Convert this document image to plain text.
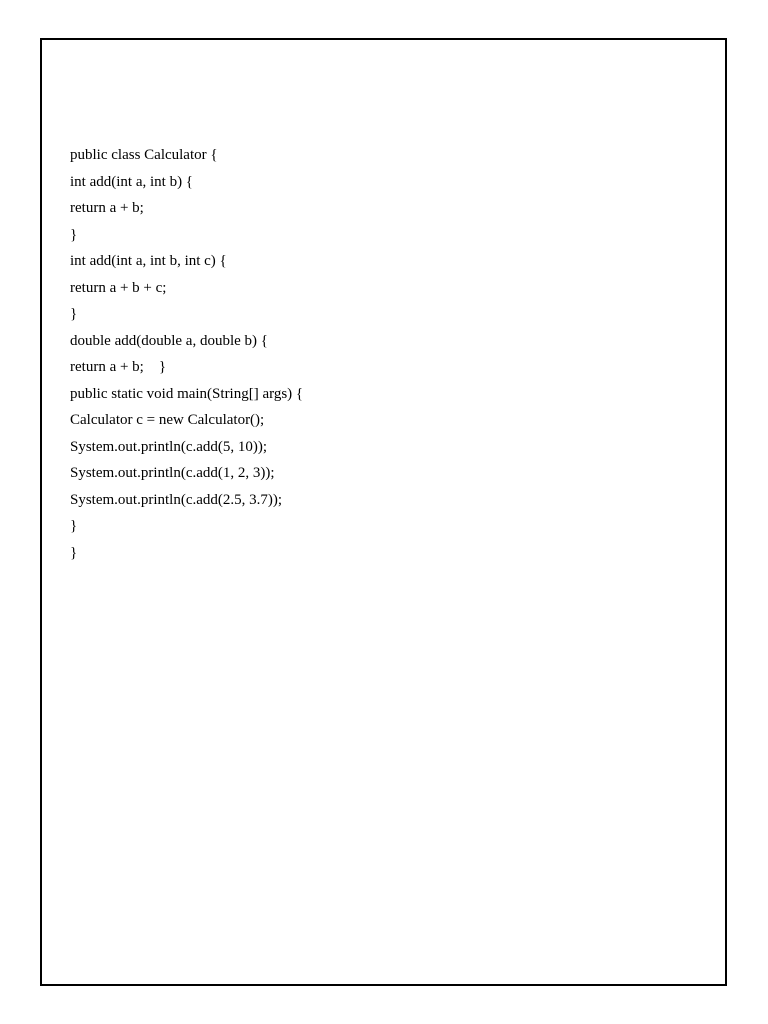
public class Calculator {
int add(int a, int b) {
return a + b;
}
int add(int a, int b, int c) {
return a + b + c;
}
double add(double a, double b) {
return a + b;    }
public static void main(String[] args) {
Calculator c = new Calculator();
System.out.println(c.add(5, 10));
System.out.println(c.add(1, 2, 3));
System.out.println(c.add(2.5, 3.7));
}
}
